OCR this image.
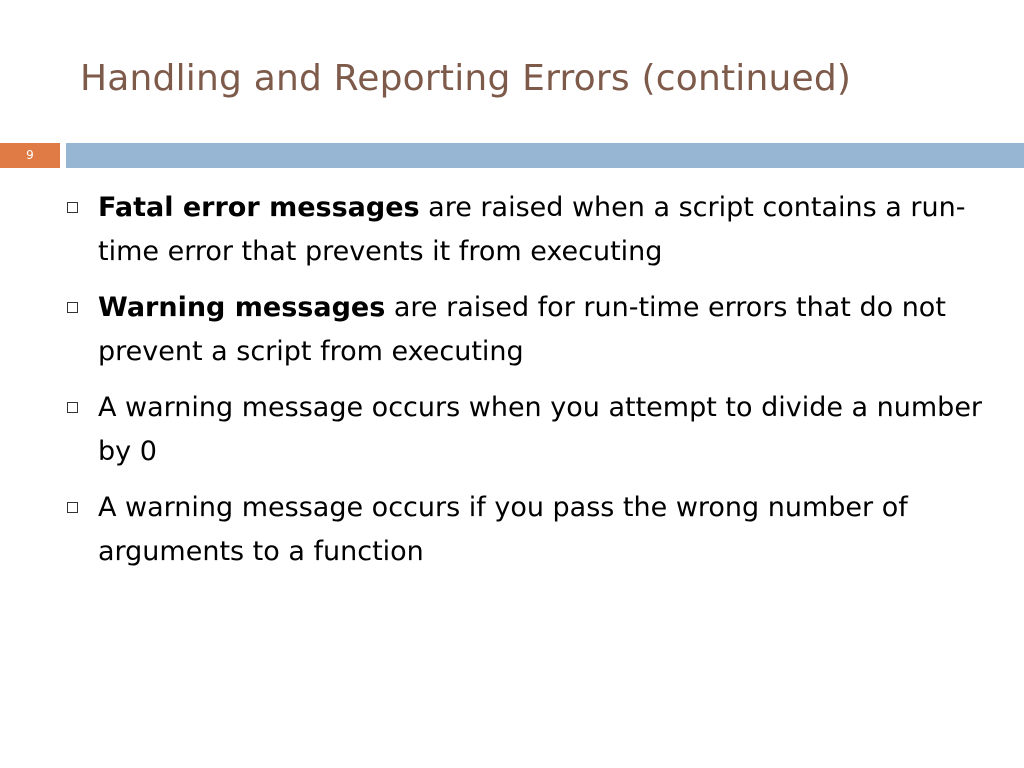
Handling and Reporting Errors (continued)
9
Fatal error messages are raised when a script contains a run-time error that prevents it from executing
Warning messages are raised for run-time errors that do not prevent a script from executing
A warning message occurs when you attempt to divide a number by 0
A warning message occurs if you pass the wrong number of arguments to a function
